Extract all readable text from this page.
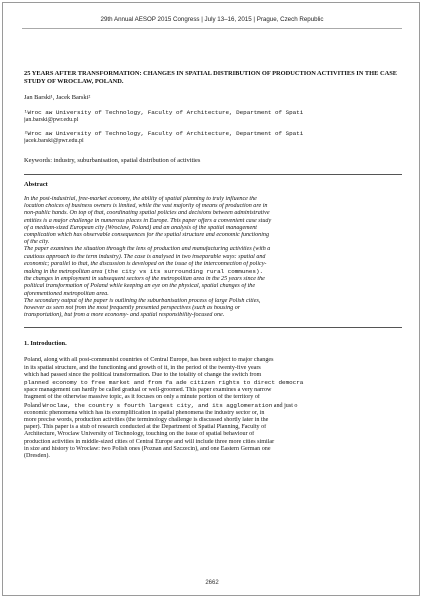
29th Annual AESOP 2015 Congress | July 13–16, 2015 | Prague, Czech Republic
25 YEARS AFTER TRANSFORMATION: CHANGES IN SPATIAL DISTRIBUTION OF PRODUCTION ACTIVITIES IN THE CASE STUDY OF WROCLAW, POLAND.
Jan Barski¹, Jacek Barski²
¹Wroc aw University of Technology, Faculty of Architecture, Department of Spati
jan.barski@pwr.edu.pl
²Wroc aw University of Technology, Faculty of Architecture, Department of Spati
jacek.barski@pwr.edu.pl
Keywords: industry, suburbanisation, spatial distribution of activities
Abstract

In the post-industrial, free-market economy, the ability of spatial planning to truly influence the
location choices of business owners is limited, while the vast majority of means of production are in
non-public hands. On top of that, coordinating spatial policies and decisions between administrative
entities is a major challenge in numerous places in Europe. This paper offers a convenient case study
of a medium-sized European city (Wroclaw, Poland) and an analysis of the spatial management
complication which has observable consequences for the spatial structure and economic functioning
of the city.
The paper examines the situation through the lens of production and manufacturing activities (with a
cautious approach to the term industry). The case is analysed in two inseparable ways: spatial and
economic; parallel to that, the discussion is developed on the issue of the interconnection of policy-
making in the metropolitan area (the city vs its surrounding rural communes).
the changes in employment in subsequent sectors of the metropolitan area in the 25 years since the
political transformation of Poland while keeping an eye on the physical, spatial changes of the
aforementioned metropolitan area.
The secondary output of the paper is outlining the suburbanisation process of large Polish cities,
however as seen not from the most frequently presented perspectives (such as housing or
transportation), but from a more economy- and spatial responsibility-focused one.

1. Introduction.

Poland, along with all post-communist countries of Central Europe, has been subject to major changes
in its spatial structure, and the functioning and growth of it, in the period of the twenty-five years
which had passed since the political transformation. Due to the totality of change the switch from
planned economy to free market and from fa ade citizen rights to direct democra
space management can hardly be called gradual or well-groomed. This paper examines a very narrow
fragment of the otherwise massive topic, as it focuses on only a minute portion of the territory of
Poland Wroclaw, the country s fourth largest city, and its agglomeration and just o
economic phenomena which has its exemplification in spatial phenomena the industry sector or, in
more precise words, production activities (the terminology challenge is discussed shortly later in the
paper). This paper is a stub of research conducted at the Department of Spatial Planning, Faculty of
Architecture, Wroclaw University of Technology, touching on the issue of spatial behaviour of
production activities in middle-sized cities of Central Europe and will include three more cities similar
in size and history to Wroclaw: two Polish ones (Poznan and Szczecin), and one Eastern German one
(Dresden).

2662
